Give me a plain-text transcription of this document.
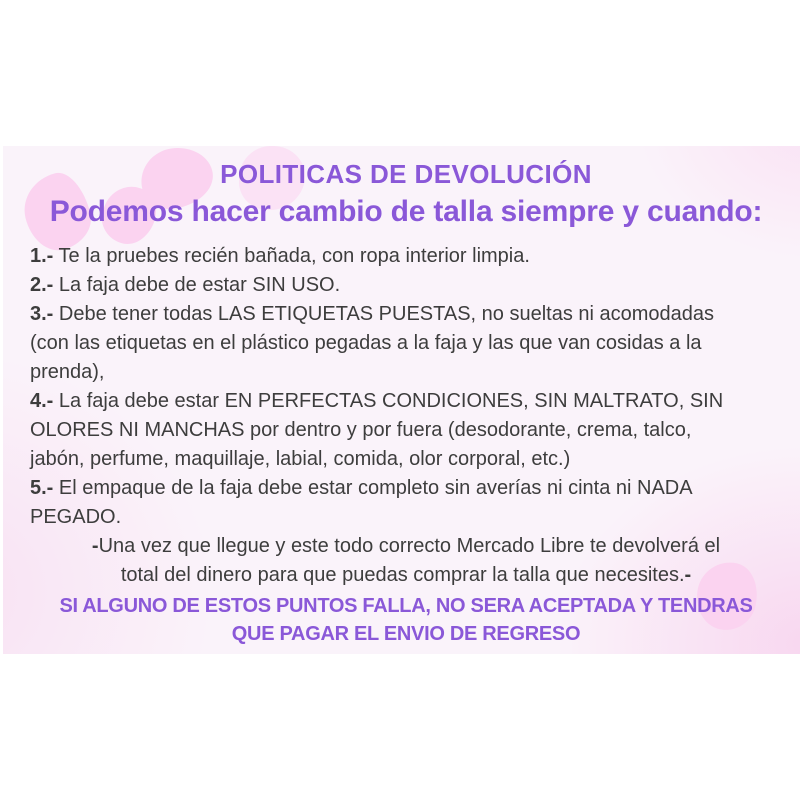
POLITICAS DE DEVOLUCIÓN
Podemos hacer cambio de talla siempre y cuando:
1.- Te la pruebes recién bañada, con ropa interior limpia.
2.- La faja debe de estar SIN USO.
3.- Debe tener todas LAS ETIQUETAS PUESTAS, no sueltas ni acomodadas
(con las etiquetas en el plástico pegadas a la faja y las que van cosidas a la
prenda),
4.- La faja debe estar EN PERFECTAS CONDICIONES, SIN MALTRATO, SIN
OLORES NI MANCHAS por dentro y por fuera (desodorante, crema, talco,
jabón, perfume, maquillaje, labial, comida, olor corporal, etc.)
5.- El empaque de la faja debe estar completo sin averías ni cinta ni NADA
PEGADO.
-Una vez que llegue y este todo correcto Mercado Libre te devolverá el
total del dinero para que puedas comprar la talla que necesites.-
SI ALGUNO DE ESTOS PUNTOS FALLA, NO SERA ACEPTADA Y TENDRAS
QUE PAGAR EL ENVIO DE REGRESO
